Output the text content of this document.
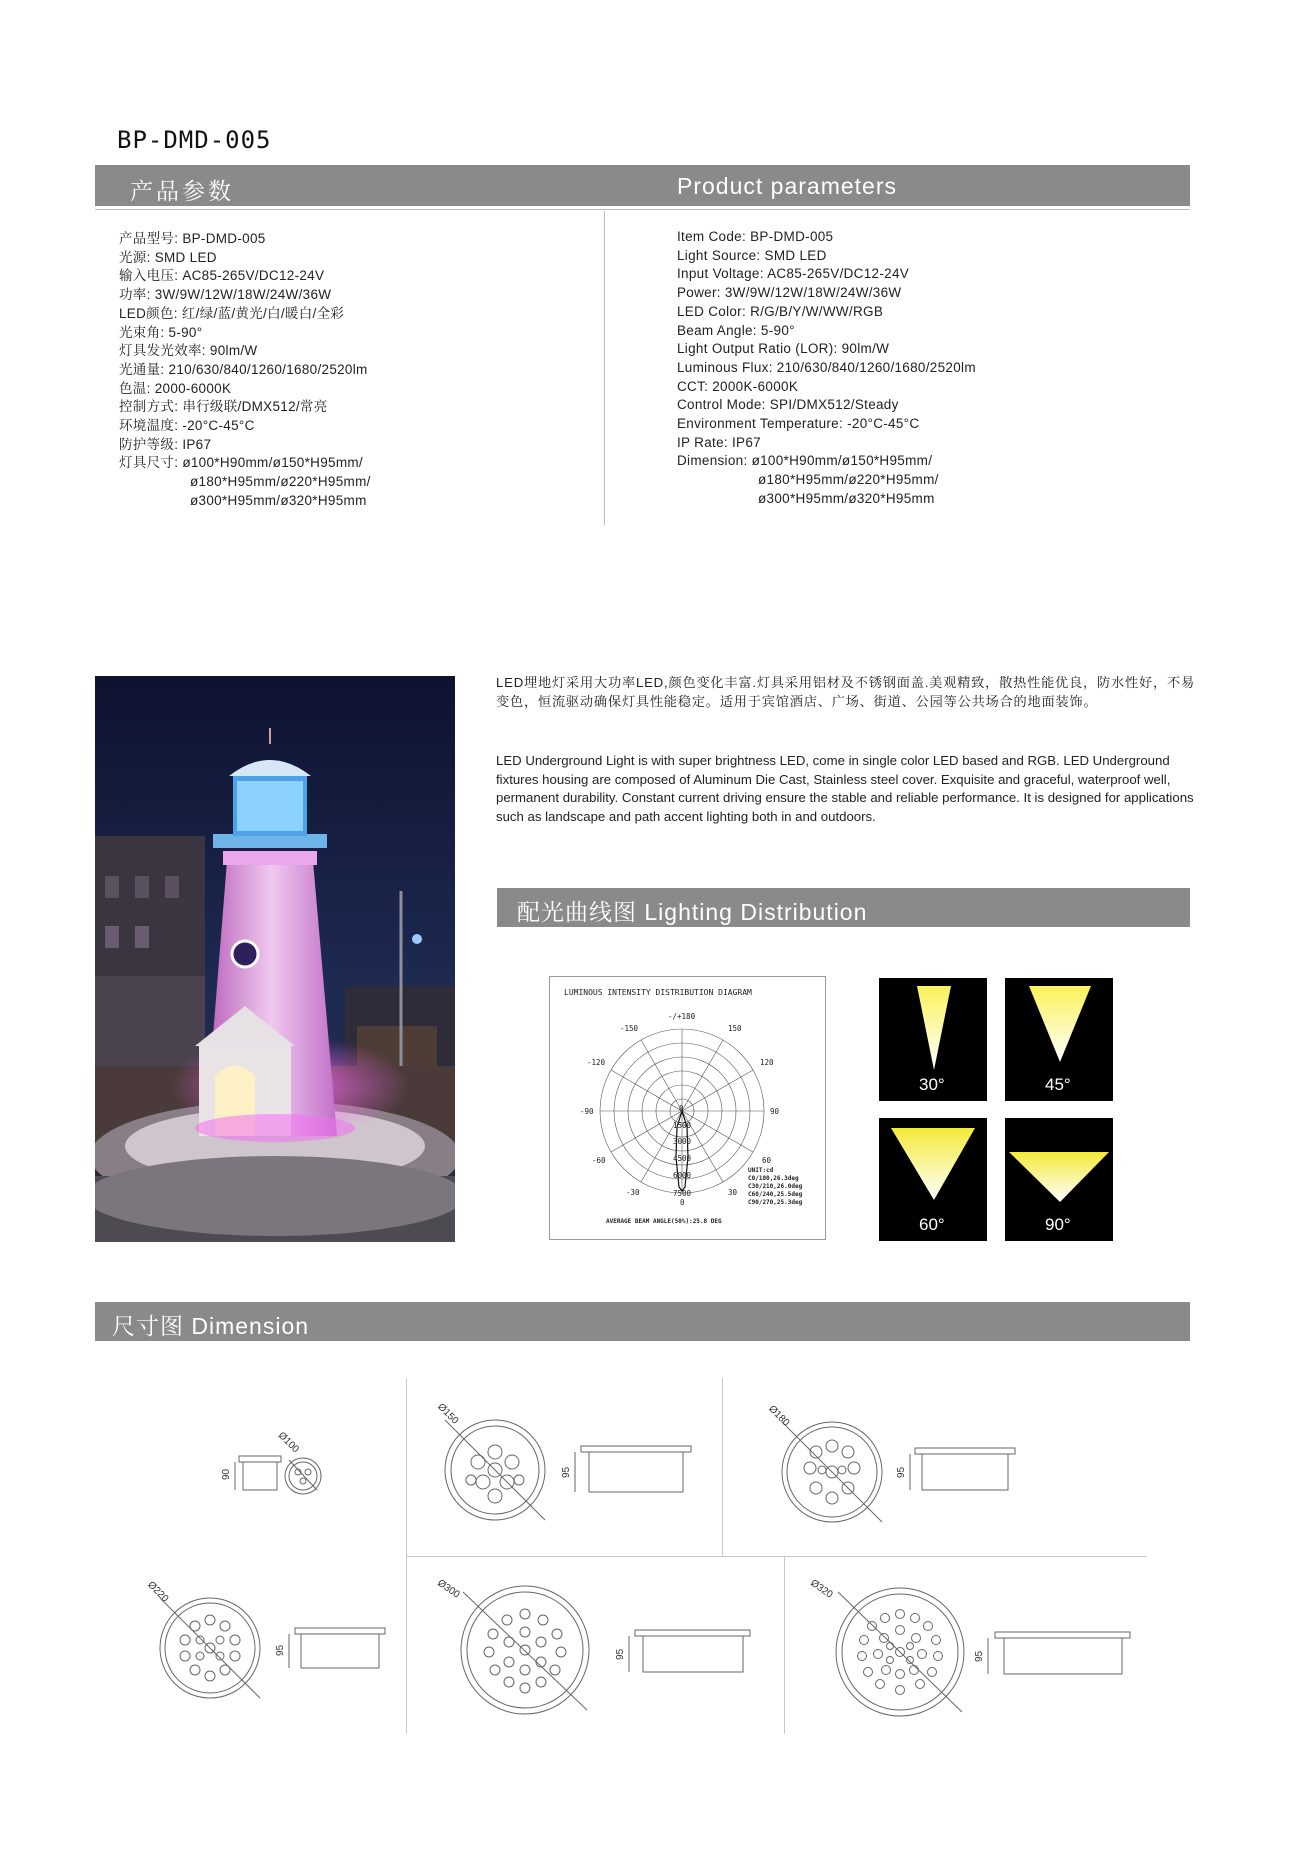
BP-DMD-005
产品参数	Product parameters
产品型号: BP-DMD-005
光源: SMD LED
输入电压: AC85-265V/DC12-24V
功率: 3W/9W/12W/18W/24W/36W
LED颜色: 红/绿/蓝/黄光/白/暖白/全彩
光束角: 5-90°
灯具发光效率: 90lm/W
光通量: 210/630/840/1260/1680/2520lm
色温: 2000-6000K
控制方式: 串行级联/DMX512/常亮
环境温度: -20°C-45°C
防护等级: IP67
灯具尺寸: ø100*H90mm/ø150*H95mm/
ø180*H95mm/ø220*H95mm/
ø300*H95mm/ø320*H95mm
Item Code: BP-DMD-005
Light Source: SMD LED
Input Voltage: AC85-265V/DC12-24V
Power: 3W/9W/12W/18W/24W/36W
LED Color: R/G/B/Y/W/WW/RGB
Beam Angle: 5-90°
Light Output Ratio (LOR): 90lm/W
Luminous Flux: 210/630/840/1260/1680/2520lm
CCT: 2000K-6000K
Control Mode: SPI/DMX512/Steady
Environment Temperature: -20°C-45°C
IP Rate: IP67
Dimension: ø100*H90mm/ø150*H95mm/
ø180*H95mm/ø220*H95mm/
ø300*H95mm/ø320*H95mm
LED埋地灯采用大功率LED,颜色变化丰富.灯具采用铝材及不锈钢面盖.美观精致，散热性能优良，防水性好，不易变色，恒流驱动确保灯具性能稳定。适用于宾馆酒店、广场、街道、公园等公共场合的地面装饰。
LED Underground Light is with super brightness LED, come in single color LED based and RGB. LED Underground fixtures housing are composed of Aluminum Die Cast, Stainless steel cover. Exquisite and graceful, waterproof well, permanent durability. Constant current driving ensure the stable and reliable performance. It is designed for applications such as landscape and path accent lighting both in and outdoors.
配光曲线图 Lighting Distribution
LUMINOUS INTENSITY DISTRIBUTION DIAGRAM
-/+180
-150	150
-120	120
-90	90
-60	60
-30	30
0
1500
3000
4500
6000
7500
0
UNIT:cd
C0/180,26.3deg
C30/210,26.0deg
C60/240,25.5deg
C90/270,25.3deg
AVERAGE BEAM ANGLE(50%):25.8 DEG
30°	45°
60°	90°
尺寸图 Dimension
Ø100
90
Ø150
95
Ø180
95
Ø220
95
Ø300
95
Ø320
95
